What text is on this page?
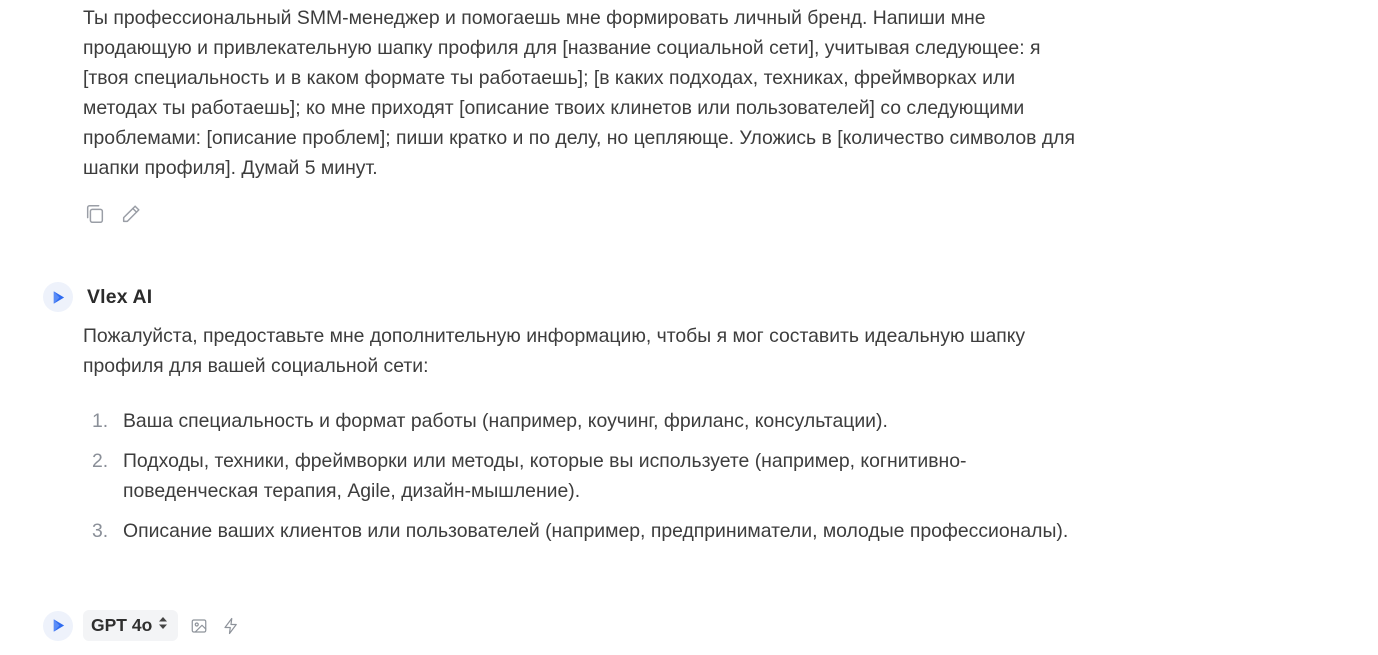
Ты профессиональный SMM-менеджер и помогаешь мне формировать личный бренд. Напиши мне продающую и привлекательную шапку профиля для [название социальной сети], учитывая следующее: я [твоя специальность и в каком формате ты работаешь]; [в каких подходах, техниках, фреймворках или методах ты работаешь]; ко мне приходят [описание твоих клинетов или пользователей] со следующими проблемами: [описание проблем]; пиши кратко и по делу, но цепляюще. Уложись в [количество символов для шапки профиля]. Думай 5 минут.

Vlex AI

Пожалуйста, предоставьте мне дополнительную информацию, чтобы я мог составить идеальную шапку профиля для вашей социальной сети:

1. Ваша специальность и формат работы (например, коучинг, фриланс, консультации).
2. Подходы, техники, фреймворки или методы, которые вы используете (например, когнитивно-поведенческая терапия, Agile, дизайн-мышление).
3. Описание ваших клиентов или пользователей (например, предприниматели, молодые профессионалы).
GPT 4o
